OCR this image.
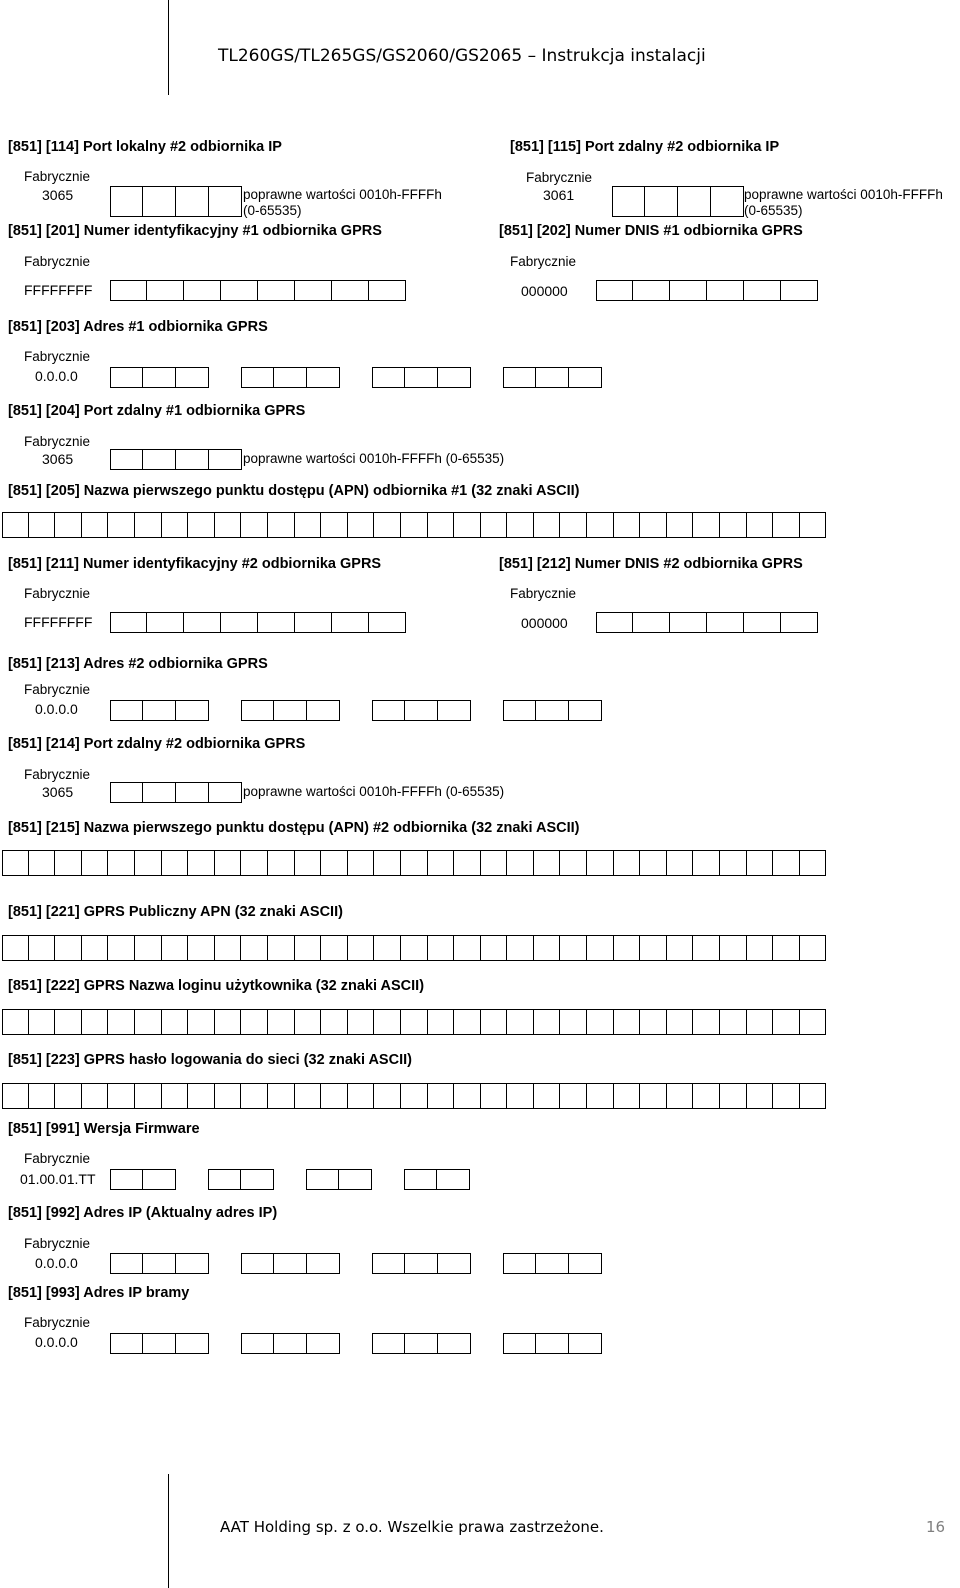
TL260GS/TL265GS/GS2060/GS2065 – Instrukcja instalacji
[851] [114] Port lokalny #2 odbiornika IP
Fabrycznie
3065	poprawne wartości 0010h-FFFFh
(0-65535)
[851] [115] Port zdalny #2 odbiornika IP
Fabrycznie
3061	poprawne wartości 0010h-FFFFh
(0-65535)
[851] [201] Numer identyfikacyjny #1 odbiornika GPRS
Fabrycznie
FFFFFFFF
[851] [202] Numer DNIS #1 odbiornika GPRS
Fabrycznie
000000
[851] [203] Adres #1 odbiornika GPRS
Fabrycznie
0.0.0.0
[851] [204] Port zdalny #1 odbiornika GPRS
Fabrycznie
3065	poprawne wartości 0010h-FFFFh (0-65535)
[851] [205] Nazwa pierwszego punktu dostępu (APN) odbiornika #1 (32 znaki ASCII)
[851] [211] Numer identyfikacyjny #2 odbiornika GPRS
Fabrycznie
FFFFFFFF
[851] [212] Numer DNIS #2 odbiornika GPRS
Fabrycznie
000000
[851] [213] Adres #2 odbiornika GPRS
Fabrycznie
0.0.0.0
[851] [214] Port zdalny #2 odbiornika GPRS
Fabrycznie
3065	poprawne wartości 0010h-FFFFh (0-65535)
[851] [215] Nazwa pierwszego punktu dostępu (APN) #2 odbiornika (32 znaki ASCII)
[851] [221] GPRS Publiczny APN (32 znaki ASCII)
[851] [222] GPRS Nazwa loginu użytkownika (32 znaki ASCII)
[851] [223] GPRS hasło logowania do sieci (32 znaki ASCII)
[851] [991] Wersja Firmware
Fabrycznie
01.00.01.TT
[851] [992] Adres IP (Aktualny adres IP)
Fabrycznie
0.0.0.0
[851] [993] Adres IP bramy
Fabrycznie
0.0.0.0
AAT Holding sp. z o.o. Wszelkie prawa zastrzeżone.	16
